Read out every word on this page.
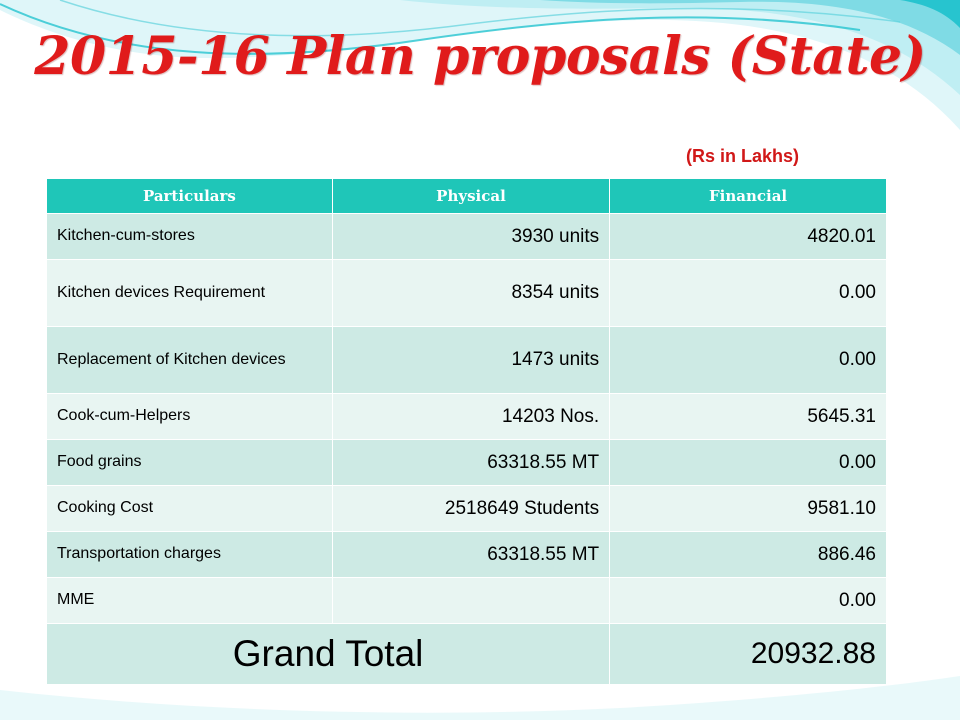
2015-16 Plan proposals (State)

(Rs in Lakhs)

Particulars	Physical	Financial
Kitchen-cum-stores	3930 units	4820.01
Kitchen devices Requirement	8354 units	0.00
Replacement of Kitchen devices	1473 units	0.00
Cook-cum-Helpers	14203 Nos.	5645.31
Food grains	63318.55 MT	0.00
Cooking Cost	2518649 Students	9581.10
Transportation charges	63318.55 MT	886.46
MME		0.00
Grand Total		20932.88
